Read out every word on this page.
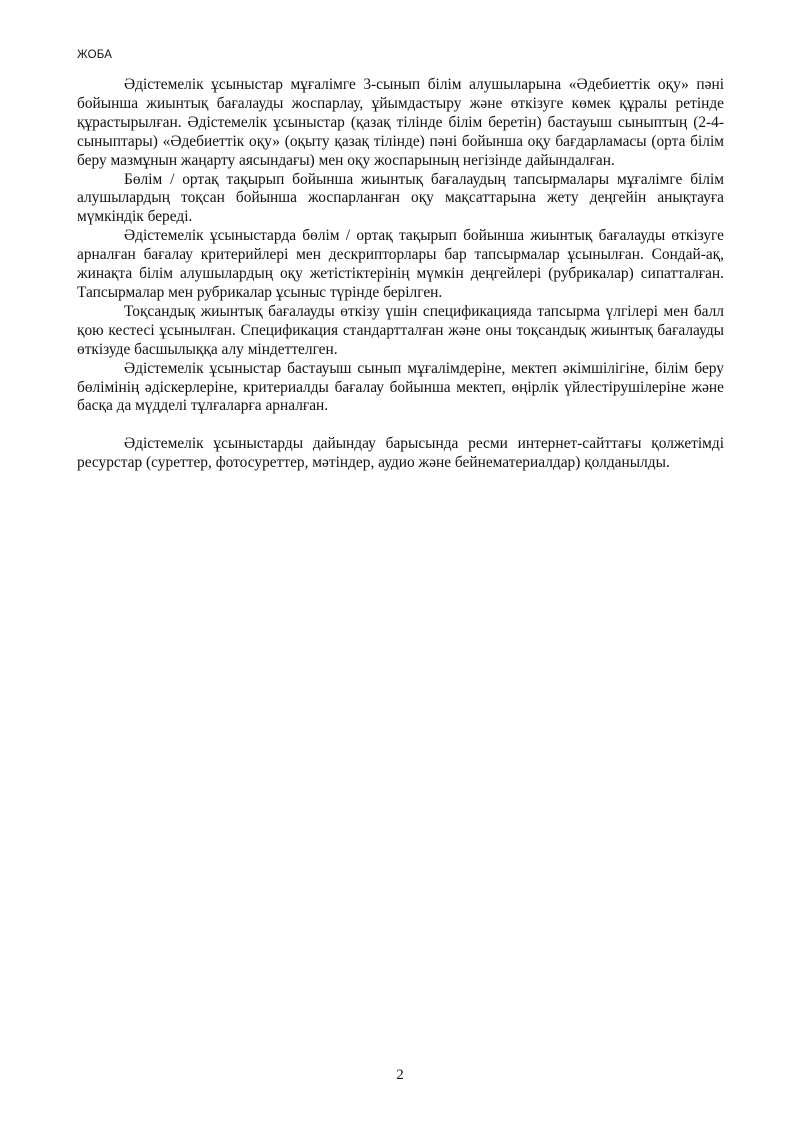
ЖОБА

Әдістемелік ұсыныстар мұғалімге 3-сынып білім алушыларына «Әдебиеттік оқу» пәні бойынша жиынтық бағалауды жоспарлау, ұйымдастыру және өткізуге көмек құралы ретінде құрастырылған. Әдістемелік ұсыныстар (қазақ тілінде білім беретін) бастауыш сыныптың (2-4-сыныптары) «Әдебиеттік оқу» (оқыту қазақ тілінде) пәні бойынша оқу бағдарламасы (орта білім беру мазмұнын жаңарту аясындағы) мен оқу жоспарының негізінде дайындалған.

Бөлім / ортақ тақырып бойынша жиынтық бағалаудың тапсырмалары мұғалімге білім алушылардың тоқсан бойынша жоспарланған оқу мақсаттарына жету деңгейін анықтауға мүмкіндік береді.

Әдістемелік ұсыныстарда бөлім / ортақ тақырып бойынша жиынтық бағалауды өткізуге арналған бағалау критерийлері мен дескрипторлары бар тапсырмалар ұсынылған. Сондай-ақ, жинақта білім алушылардың оқу жетістіктерінің мүмкін деңгейлері (рубрикалар) сипатталған. Тапсырмалар мен рубрикалар ұсыныс түрінде берілген.

Тоқсандық жиынтық бағалауды өткізу үшін спецификацияда тапсырма үлгілері мен балл қою кестесі ұсынылған. Спецификация стандартталған және оны тоқсандық жиынтық бағалауды өткізуде басшылыққа алу міндеттелген.

Әдістемелік ұсыныстар бастауыш сынып мұғалімдеріне, мектеп әкімшілігіне, білім беру бөлімінің әдіскерлеріне, критериалды бағалау бойынша мектеп, өңірлік үйлестірушілеріне және басқа да мүдделі тұлғаларға арналған.

Әдістемелік ұсыныстарды дайындау барысында ресми интернет-сайттағы қолжетімді ресурстар (суреттер, фотосуреттер, мәтіндер, аудио және бейнематериалдар) қолданылды.

2
